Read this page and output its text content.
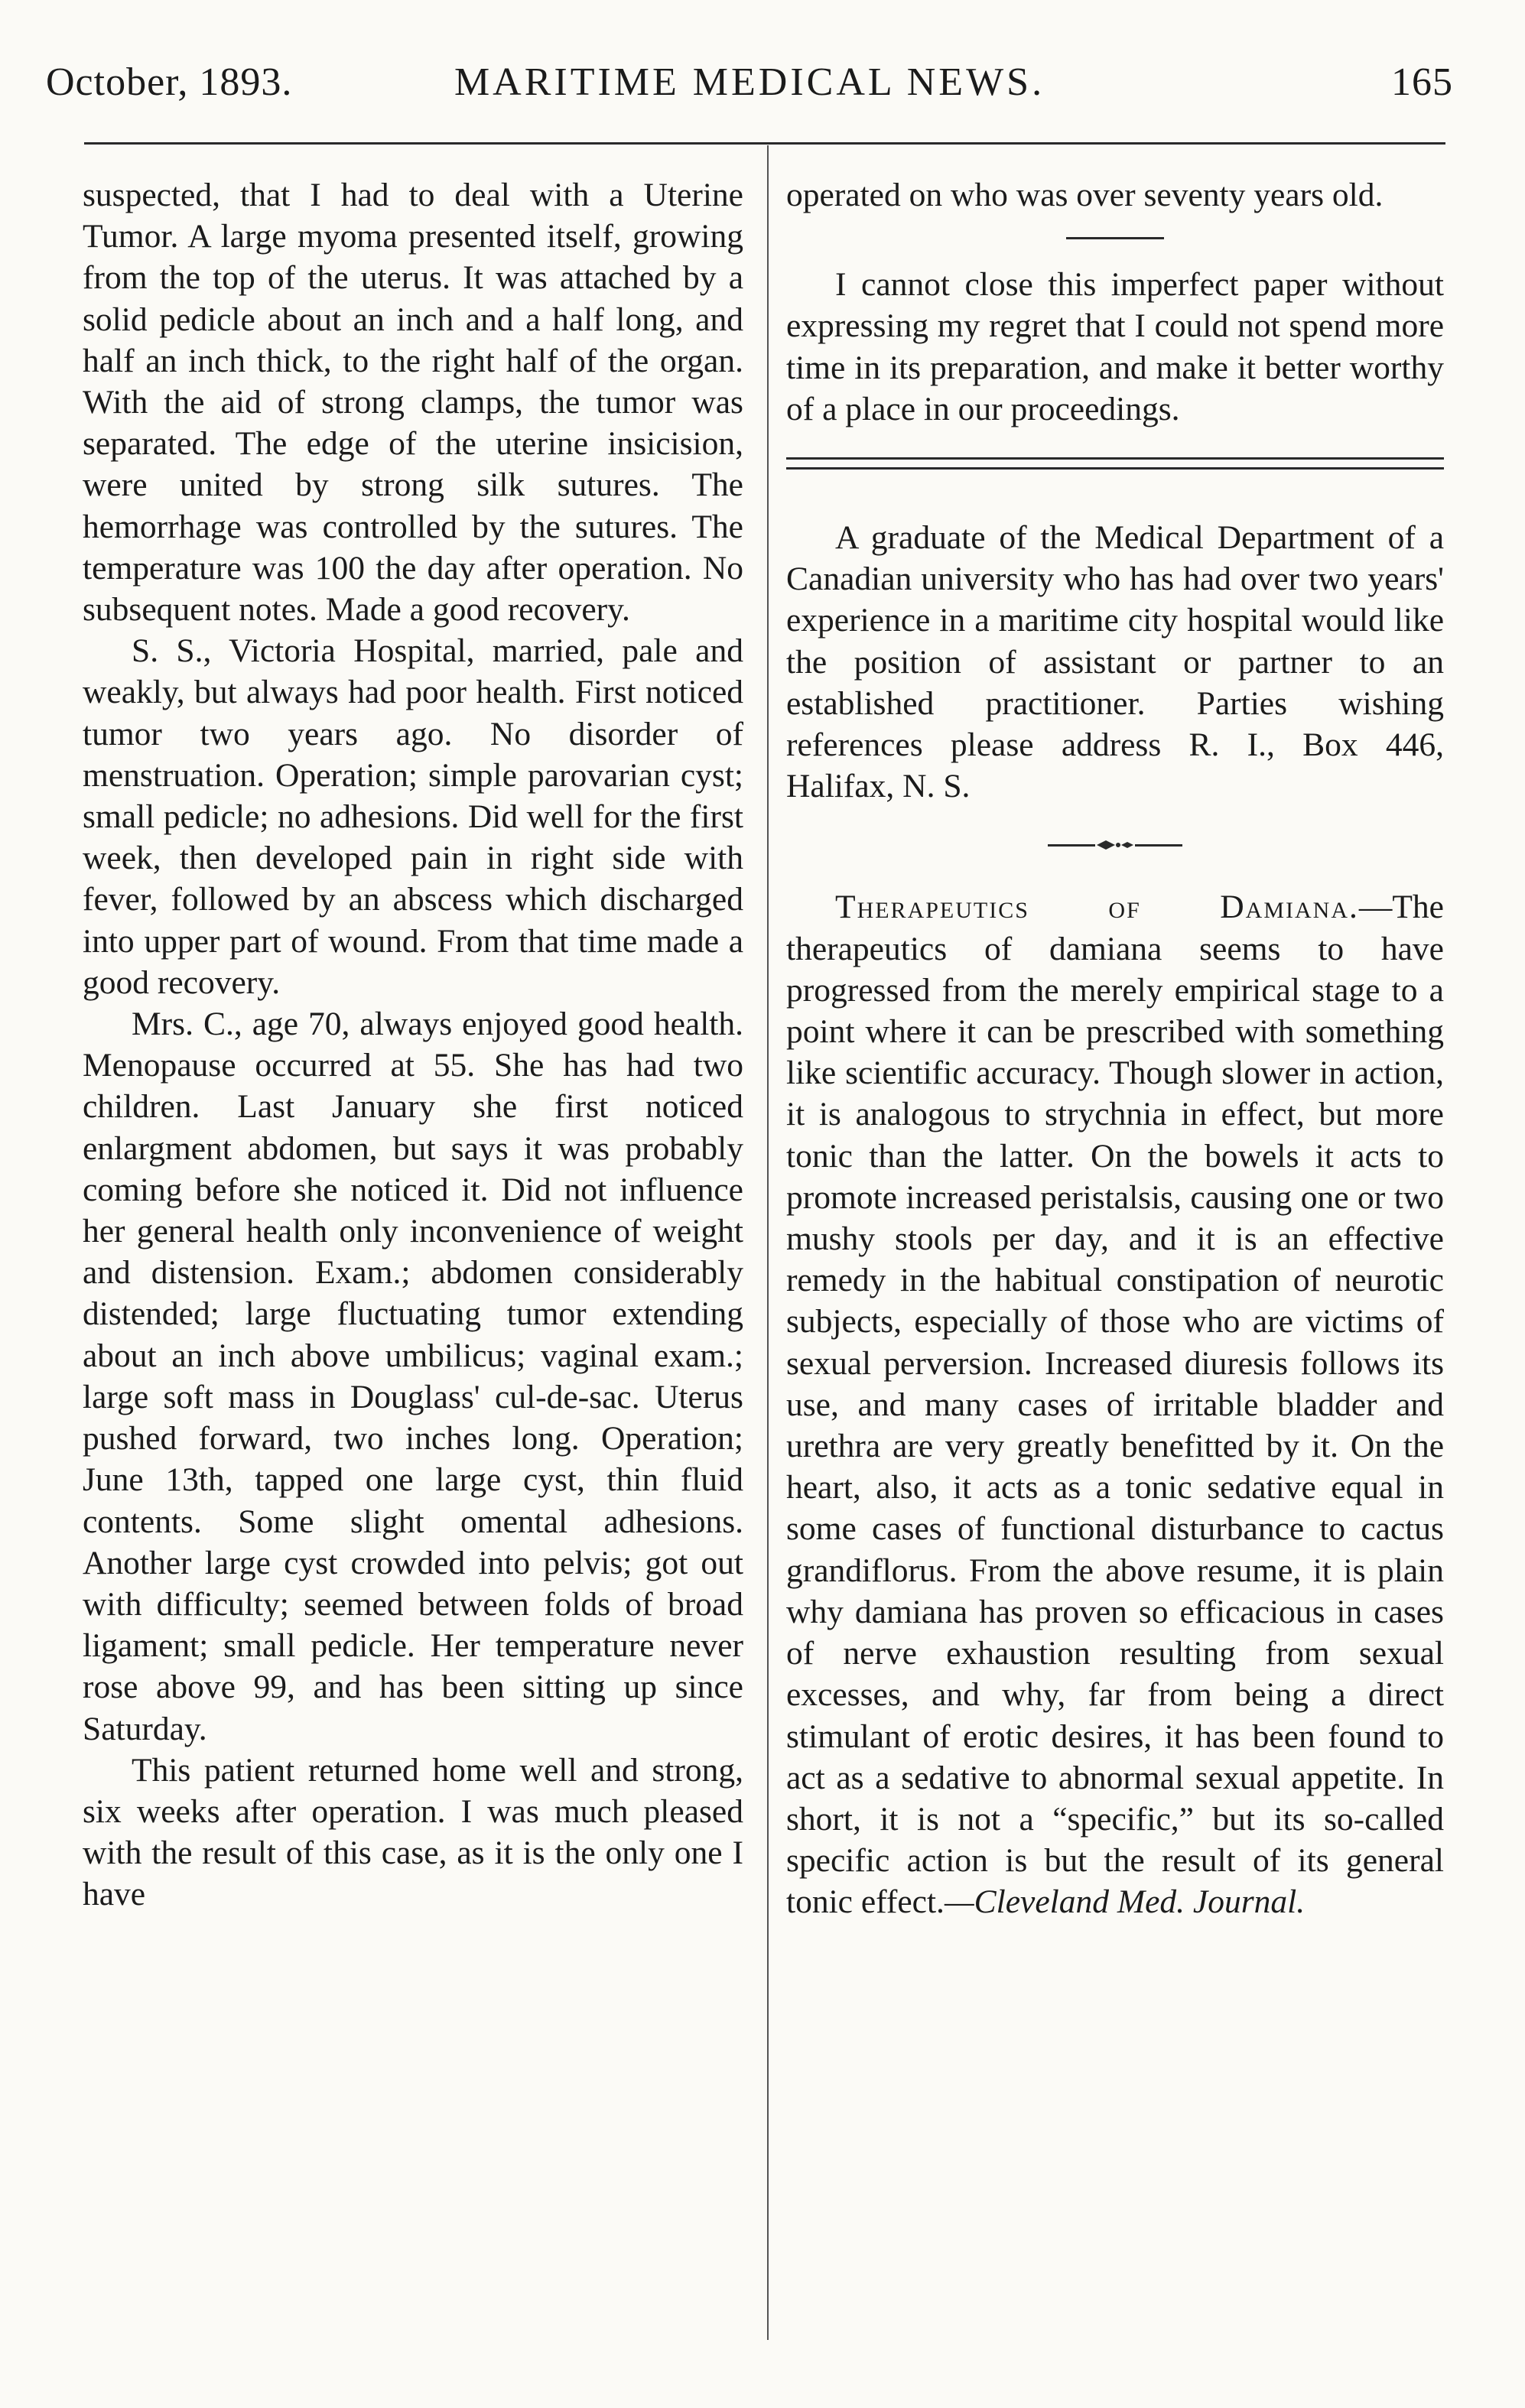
October, 1893.	MARITIME MEDICAL NEWS.	165

suspected, that I had to deal with a Uterine Tumor. A large myoma presented itself, growing from the top of the uterus. It was attached by a solid pedicle about an inch and a half long, and half an inch thick, to the right half of the organ. With the aid of strong clamps, the tumor was separated. The edge of the uterine insicision, were united by strong silk sutures. The hemorrhage was controlled by the sutures. The temperature was 100 the day after operation. No subsequent notes. Made a good recovery.

S. S., Victoria Hospital, married, pale and weakly, but always had poor health. First noticed tumor two years ago. No disorder of menstruation. Operation; simple parovarian cyst; small pedicle; no adhesions. Did well for the first week, then developed pain in right side with fever, followed by an abscess which discharged into upper part of wound. From that time made a good recovery.

Mrs. C., age 70, always enjoyed good health. Menopause occurred at 55. She has had two children. Last January she first noticed enlargment abdomen, but says it was probably coming before she noticed it. Did not influence her general health only inconvenience of weight and distension. Exam.; abdomen considerably distended; large fluctuating tumor extending about an inch above umbilicus; vaginal exam.; large soft mass in Douglass' cul-de-sac. Uterus pushed forward, two inches long. Operation; June 13th, tapped one large cyst, thin fluid contents. Some slight omental adhesions. Another large cyst crowded into pelvis; got out with difficulty; seemed between folds of broad ligament; small pedicle. Her temperature never rose above 99, and has been sitting up since Saturday.

This patient returned home well and strong, six weeks after operation. I was much pleased with the result of this case, as it is the only one I have

operated on who was over seventy years old.

I cannot close this imperfect paper without expressing my regret that I could not spend more time in its preparation, and make it better worthy of a place in our proceedings.

A graduate of the Medical Department of a Canadian university who has had over two years' experience in a maritime city hospital would like the position of assistant or partner to an established practitioner. Parties wishing references please address R. I., Box 446, Halifax, N. S.

Therapeutics of Damiana.—The therapeutics of damiana seems to have progressed from the merely empirical stage to a point where it can be prescribed with something like scientific accuracy. Though slower in action, it is analogous to strychnia in effect, but more tonic than the latter. On the bowels it acts to promote increased peristalsis, causing one or two mushy stools per day, and it is an effective remedy in the habitual constipation of neurotic subjects, especially of those who are victims of sexual perversion. Increased diuresis follows its use, and many cases of irritable bladder and urethra are very greatly benefitted by it. On the heart, also, it acts as a tonic sedative equal in some cases of functional disturbance to cactus grandiflorus. From the above resume, it is plain why damiana has proven so efficacious in cases of nerve exhaustion resulting from sexual excesses, and why, far from being a direct stimulant of erotic desires, it has been found to act as a sedative to abnormal sexual appetite. In short, it is not a “specific,” but its so-called specific action is but the result of its general tonic effect.—Cleveland Med. Journal.
